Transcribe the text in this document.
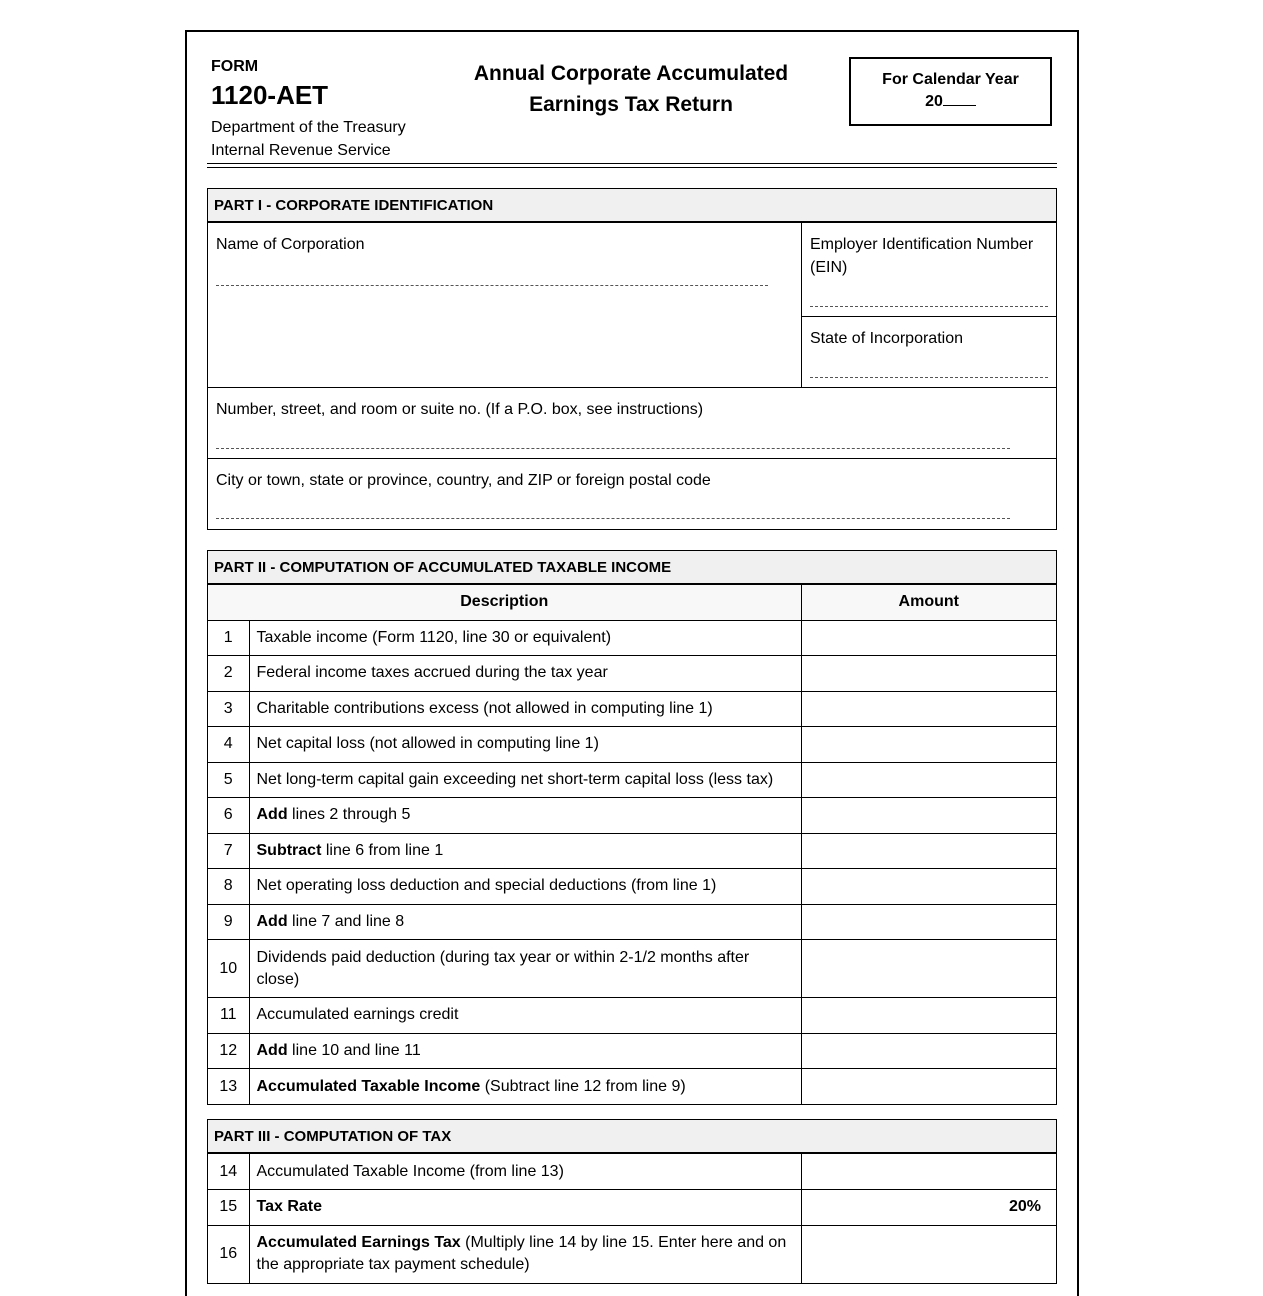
FORM
1120-AET
Department of the Treasury
Internal Revenue Service
Annual Corporate Accumulated
Earnings Tax Return
For Calendar Year
20
PART I - CORPORATE IDENTIFICATION
Name of Corporation	Employer Identification Number (EIN)
State of Incorporation
Number, street, and room or suite no. (If a P.O. box, see instructions)
City or town, state or province, country, and ZIP or foreign postal code
PART II - COMPUTATION OF ACCUMULATED TAXABLE INCOME
Description		Amount
1	Taxable income (Form 1120, line 30 or equivalent)	
2	Federal income taxes accrued during the tax year	
3	Charitable contributions excess (not allowed in computing line 1)	
4	Net capital loss (not allowed in computing line 1)	
5	Net long-term capital gain exceeding net short-term capital loss (less tax)	
6	Add lines 2 through 5	
7	Subtract line 6 from line 1	
8	Net operating loss deduction and special deductions (from line 1)	
9	Add line 7 and line 8	
10	Dividends paid deduction (during tax year or within 2-1/2 months after close)	
11	Accumulated earnings credit	
12	Add line 10 and line 11	
13	Accumulated Taxable Income (Subtract line 12 from line 9)	
PART III - COMPUTATION OF TAX
14	Accumulated Taxable Income (from line 13)	
15	Tax Rate	20%
16	Accumulated Earnings Tax (Multiply line 14 by line 15. Enter here and on the appropriate tax payment schedule)	
